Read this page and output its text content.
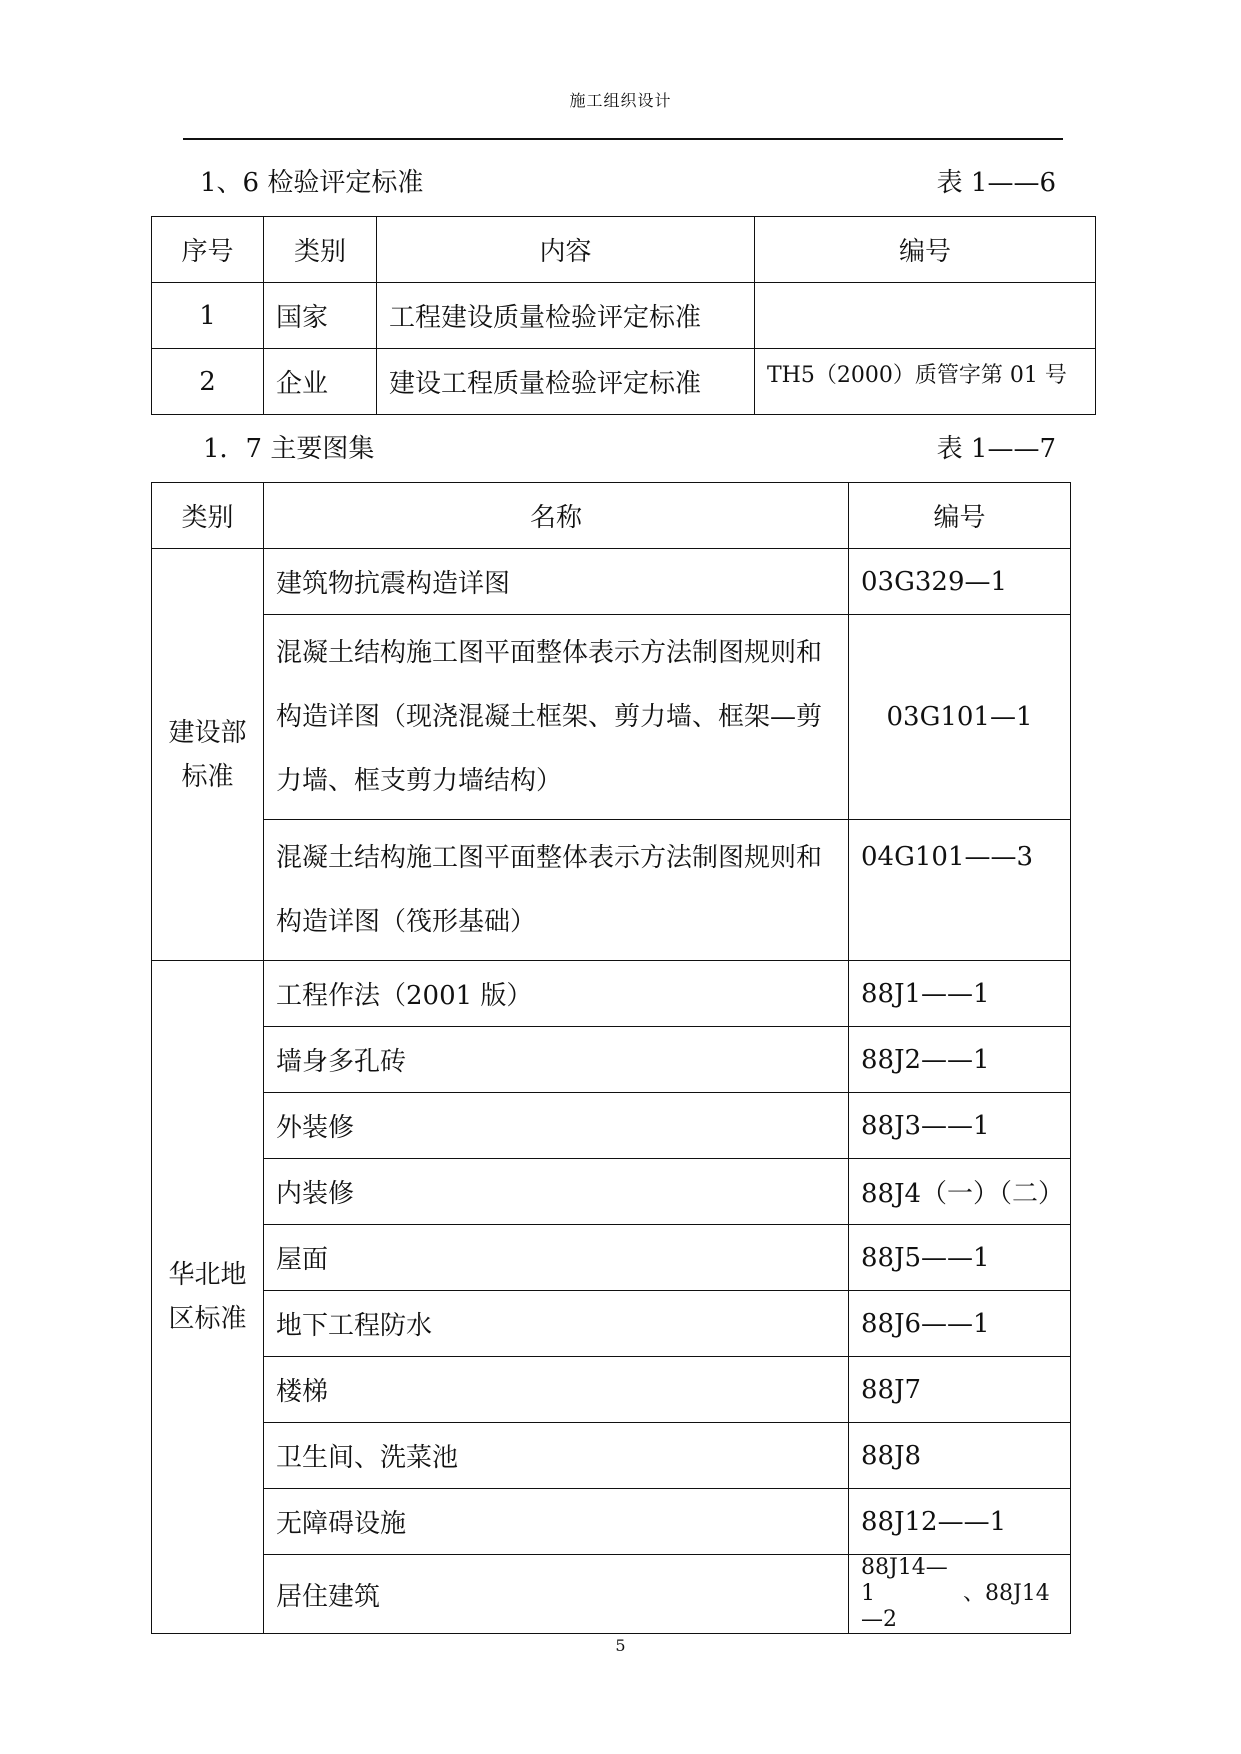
施工组织设计
1、6 检验评定标准	表 1——6
序号	类别	内容	编号
1	国家	工程建设质量检验评定标准	
2	企业	建设工程质量检验评定标准	TH5（2000）质管字第 01 号
1．7 主要图集	表 1——7
类别	名称	编号
建设部标准	建筑物抗震构造详图	03G329—1
	混凝土结构施工图平面整体表示方法制图规则和构造详图（现浇混凝土框架、剪力墙、框架—剪力墙、框支剪力墙结构）	03G101—1
	混凝土结构施工图平面整体表示方法制图规则和构造详图（筏形基础）	04G101——3
华北地区标准	工程作法（2001 版）	88J1——1
	墙身多孔砖	88J2——1
	外装修	88J3——1
	内装修	88J4（一）（二）
	屋面	88J5——1
	地下工程防水	88J6——1
	楼梯	88J7
	卫生间、洗菜池	88J8
	无障碍设施	88J12——1
	居住建筑	88J14—1　　　　、88J14—2
5
